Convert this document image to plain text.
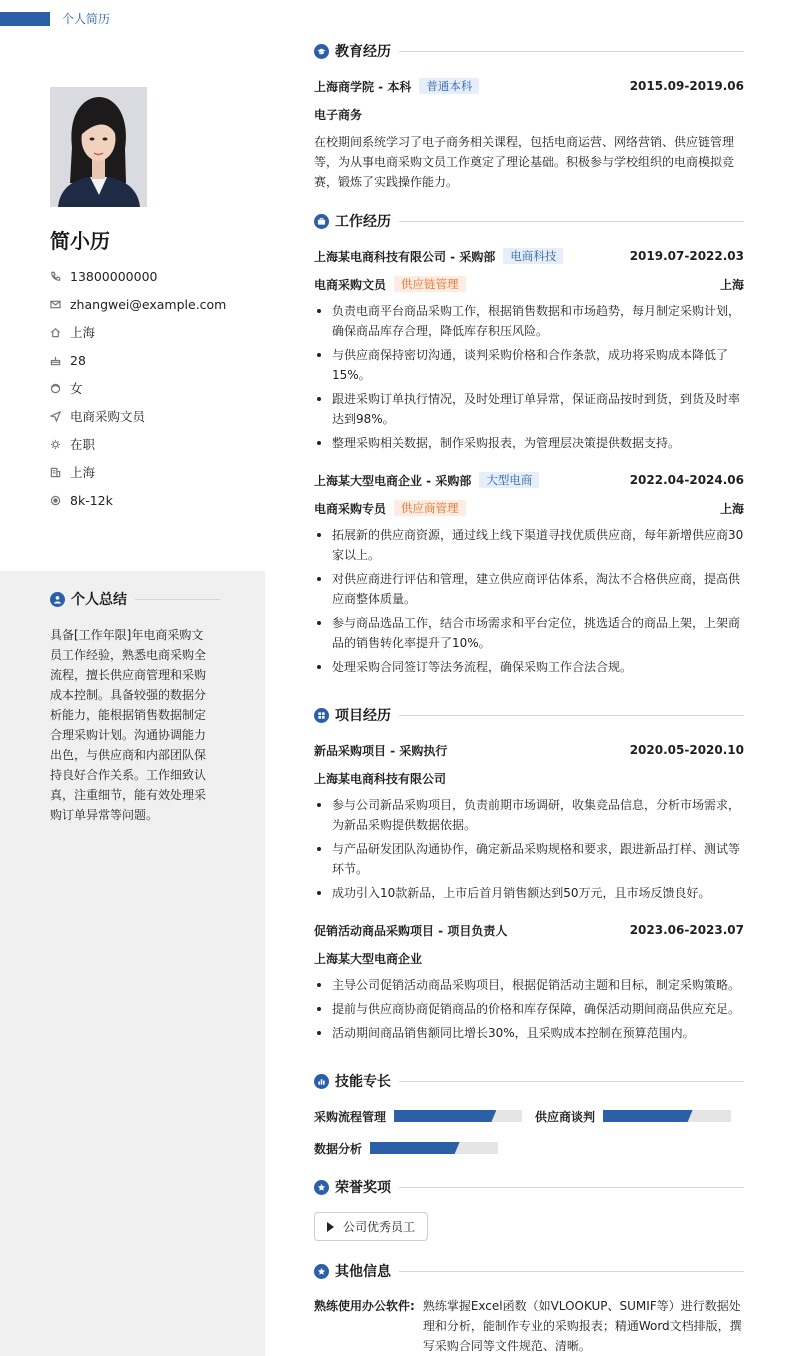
个人简历
简小历
13800000000
zhangwei@example.com
上海
28
女
电商采购文员
在职
上海
8k-12k
个人总结
具备[工作年限]年电商采购文员工作经验，熟悉电商采购全流程，擅长供应商管理和采购成本控制。具备较强的数据分析能力，能根据销售数据制定合理采购计划。沟通协调能力出色，与供应商和内部团队保持良好合作关系。工作细致认真，注重细节，能有效处理采购订单异常等问题。
教育经历
上海商学院 - 本科	普通本科	2015.09-2019.06
电子商务
在校期间系统学习了电子商务相关课程，包括电商运营、网络营销、供应链管理等，为从事电商采购文员工作奠定了理论基础。积极参与学校组织的电商模拟竞赛，锻炼了实践操作能力。
工作经历
上海某电商科技有限公司 - 采购部	电商科技	2019.07-2022.03
电商采购文员	供应链管理	上海
负责电商平台商品采购工作，根据销售数据和市场趋势，每月制定采购计划，确保商品库存合理，降低库存积压风险。
与供应商保持密切沟通，谈判采购价格和合作条款，成功将采购成本降低了15%。
跟进采购订单执行情况，及时处理订单异常，保证商品按时到货，到货及时率达到98%。
整理采购相关数据，制作采购报表，为管理层决策提供数据支持。
上海某大型电商企业 - 采购部	大型电商	2022.04-2024.06
电商采购专员	供应商管理	上海
拓展新的供应商资源，通过线上线下渠道寻找优质供应商，每年新增供应商30家以上。
对供应商进行评估和管理，建立供应商评估体系，淘汰不合格供应商，提高供应商整体质量。
参与商品选品工作，结合市场需求和平台定位，挑选适合的商品上架，上架商品的销售转化率提升了10%。
处理采购合同签订等法务流程，确保采购工作合法合规。
项目经历
新品采购项目 - 采购执行	2020.05-2020.10
上海某电商科技有限公司
参与公司新品采购项目，负责前期市场调研，收集竞品信息，分析市场需求，为新品采购提供数据依据。
与产品研发团队沟通协作，确定新品采购规格和要求，跟进新品打样、测试等环节。
成功引入10款新品，上市后首月销售额达到50万元，且市场反馈良好。
促销活动商品采购项目 - 项目负责人	2023.06-2023.07
上海某大型电商企业
主导公司促销活动商品采购项目，根据促销活动主题和目标，制定采购策略。
提前与供应商协商促销商品的价格和库存保障，确保活动期间商品供应充足。
活动期间商品销售额同比增长30%，且采购成本控制在预算范围内。
技能专长
采购流程管理	供应商谈判
数据分析
荣誉奖项
公司优秀员工
其他信息
熟练使用办公软件: 熟练掌握Excel函数（如VLOOKUP、SUMIF等）进行数据处理和分析，能制作专业的采购报表；精通Word文档排版，撰写采购合同等文件规范、清晰。
